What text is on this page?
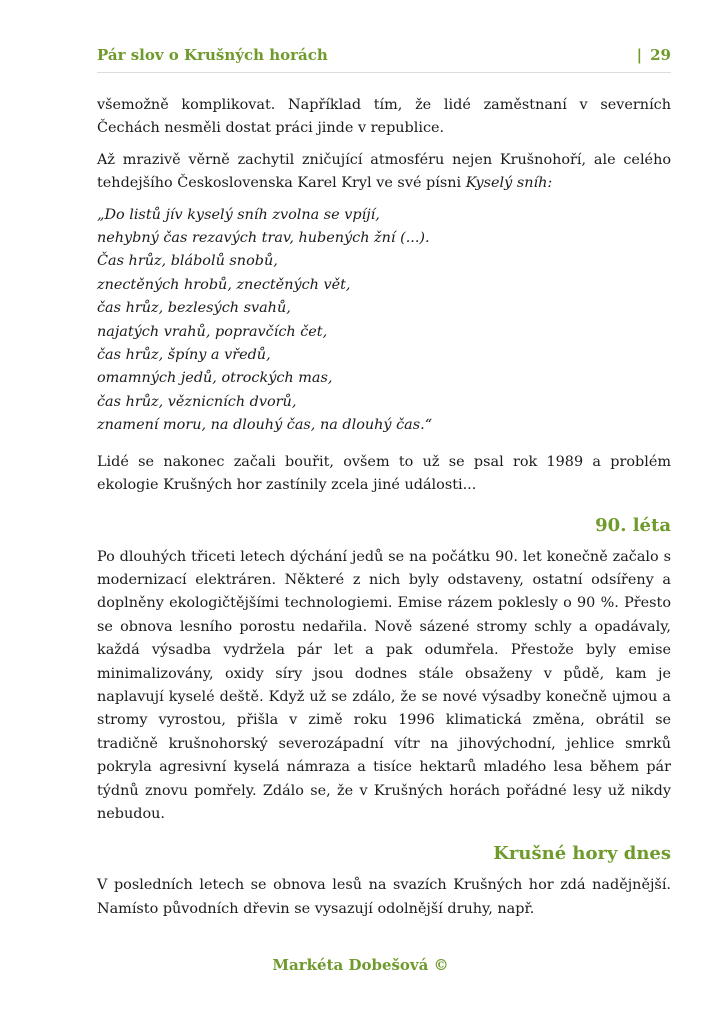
Pár slov o Krušných horách	| 29

všemožně komplikovat. Například tím, že lidé zaměstnaní v severních Čechách nesměli dostat práci jinde v republice.

Až mrazivě věrně zachytil zničující atmosféru nejen Krušnohoří, ale celého tehdejšího Československa Karel Kryl ve své písni Kyselý sníh:

„Do listů jív kyselý sníh zvolna se vpíjí,
nehybný čas rezavých trav, hubených žní (...).
Čas hrůz, blábolů snobů,
znectěných hrobů, znectěných vět,
čas hrůz, bezlesých svahů,
najatých vrahů, popravčích čet,
čas hrůz, špíny a vředů,
omamných jedů, otrockých mas,
čas hrůz, věznicních dvorů,
znamení moru, na dlouhý čas, na dlouhý čas.“

Lidé se nakonec začali bouřit, ovšem to už se psal rok 1989 a problém ekologie Krušných hor zastínily zcela jiné události...

90. léta

Po dlouhých třiceti letech dýchání jedů se na počátku 90. let konečně začalo s modernizací elektráren. Některé z nich byly odstaveny, ostatní odsířeny a doplněny ekologičtějšími technologiemi. Emise rázem poklesly o 90 %. Přesto se obnova lesního porostu nedařila. Nově sázené stromy schly a opadávaly, každá výsadba vydržela pár let a pak odumřela. Přestože byly emise minimalizovány, oxidy síry jsou dodnes stále obsaženy v půdě, kam je naplavují kyselé deště. Když už se zdálo, že se nové výsadby konečně ujmou a stromy vyrostou, přišla v zimě roku 1996 klimatická změna, obrátil se tradičně krušnohorský severozápadní vítr na jihovýchodní, jehlice smrků pokryla agresivní kyselá námraza a tisíce hektarů mladého lesa během pár týdnů znovu pomřely. Zdálo se, že v Krušných horách pořádné lesy už nikdy nebudou.

Krušné hory dnes

V posledních letech se obnova lesů na svazích Krušných hor zdá nadějnější. Namísto původních dřevin se vysazují odolnější druhy, např.

Markéta Dobešová ©
